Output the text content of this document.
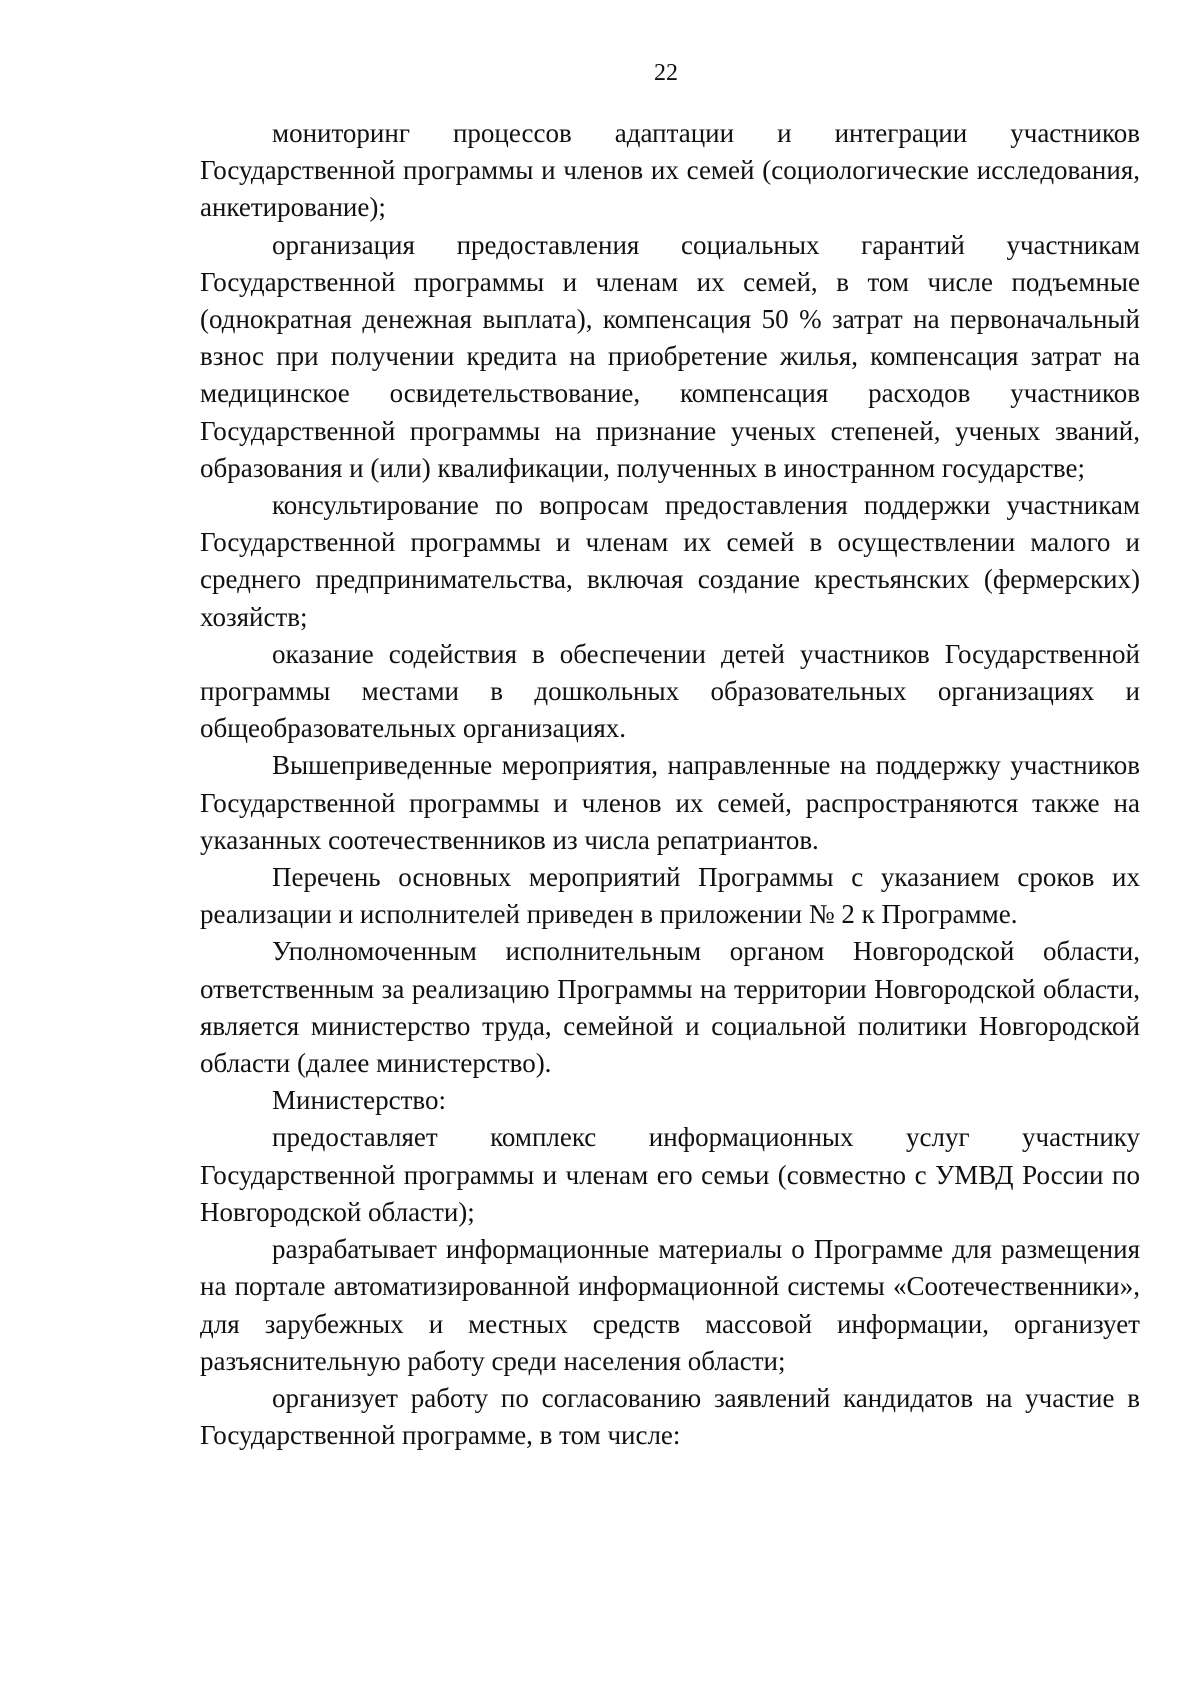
22

мониторинг процессов адаптации и интеграции участников Государственной программы и членов их семей (социологические исследования, анкетирование);

организация предоставления социальных гарантий участникам Государственной программы и членам их семей, в том числе подъемные (однократная денежная выплата), компенсация 50 % затрат на первоначальный взнос при получении кредита на приобретение жилья, компенсация затрат на медицинское освидетельствование, компенсация расходов участников Государственной программы на признание ученых степеней, ученых званий, образования и (или) квалификации, полученных в иностранном государстве;

консультирование по вопросам предоставления поддержки участникам Государственной программы и членам их семей в осуществлении малого и среднего предпринимательства, включая создание крестьянских (фермерских) хозяйств;

оказание содействия в обеспечении детей участников Государственной программы местами в дошкольных образовательных организациях и общеобразовательных организациях.

Вышеприведенные мероприятия, направленные на поддержку участников Государственной программы и членов их семей, распространяются также на указанных соотечественников из числа репатриантов.

Перечень основных мероприятий Программы с указанием сроков их реализации и исполнителей приведен в приложении № 2 к Программе.

Уполномоченным исполнительным органом Новгородской области, ответственным за реализацию Программы на территории Новгородской области, является министерство труда, семейной и социальной политики Новгородской области (далее министерство).

Министерство:

предоставляет комплекс информационных услуг участнику Государственной программы и членам его семьи (совместно с УМВД России по Новгородской области);

разрабатывает информационные материалы о Программе для размещения на портале автоматизированной информационной системы «Соотечественники», для зарубежных и местных средств массовой информации, организует разъяснительную работу среди населения области;

организует работу по согласованию заявлений кандидатов на участие в Государственной программе, в том числе:
